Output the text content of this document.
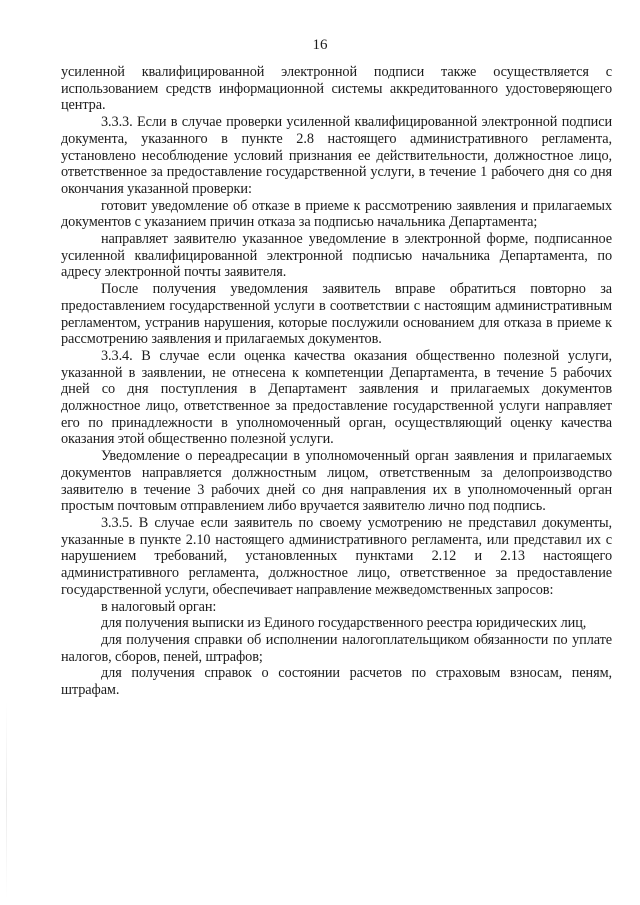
16

усиленной квалифицированной электронной подписи также осуществляется с использованием средств информационной системы аккредитованного удостоверяющего центра.

3.3.3. Если в случае проверки усиленной квалифицированной электронной подписи документа, указанного в пункте 2.8 настоящего административного регламента, установлено несоблюдение условий признания ее действительности, должностное лицо, ответственное за предоставление государственной услуги, в течение 1 рабочего дня со дня окончания указанной проверки:

готовит уведомление об отказе в приеме к рассмотрению заявления и прилагаемых документов с указанием причин отказа за подписью начальника Департамента;

направляет заявителю указанное уведомление в электронной форме, подписанное усиленной квалифицированной электронной подписью начальника Департамента, по адресу электронной почты заявителя.

После получения уведомления заявитель вправе обратиться повторно за предоставлением государственной услуги в соответствии с настоящим административным регламентом, устранив нарушения, которые послужили основанием для отказа в приеме к рассмотрению заявления и прилагаемых документов.

3.3.4. В случае если оценка качества оказания общественно полезной услуги, указанной в заявлении, не отнесена к компетенции Департамента, в течение 5 рабочих дней со дня поступления в Департамент заявления и прилагаемых документов должностное лицо, ответственное за предоставление государственной услуги направляет его по принадлежности в уполномоченный орган, осуществляющий оценку качества оказания этой общественно полезной услуги.

Уведомление о переадресации в уполномоченный орган заявления и прилагаемых документов направляется должностным лицом, ответственным за делопроизводство заявителю в течение 3 рабочих дней со дня направления их в уполномоченный орган простым почтовым отправлением либо вручается заявителю лично под подпись.

3.3.5. В случае если заявитель по своему усмотрению не представил документы, указанные в пункте 2.10 настоящего административного регламента, или представил их с нарушением требований, установленных пунктами 2.12 и 2.13 настоящего административного регламента, должностное лицо, ответственное за предоставление государственной услуги, обеспечивает направление межведомственных запросов:

в налоговый орган:

для получения выписки из Единого государственного реестра юридических лиц,

для получения справки об исполнении налогоплательщиком обязанности по уплате налогов, сборов, пеней, штрафов;

для получения справок о состоянии расчетов по страховым взносам, пеням, штрафам.
